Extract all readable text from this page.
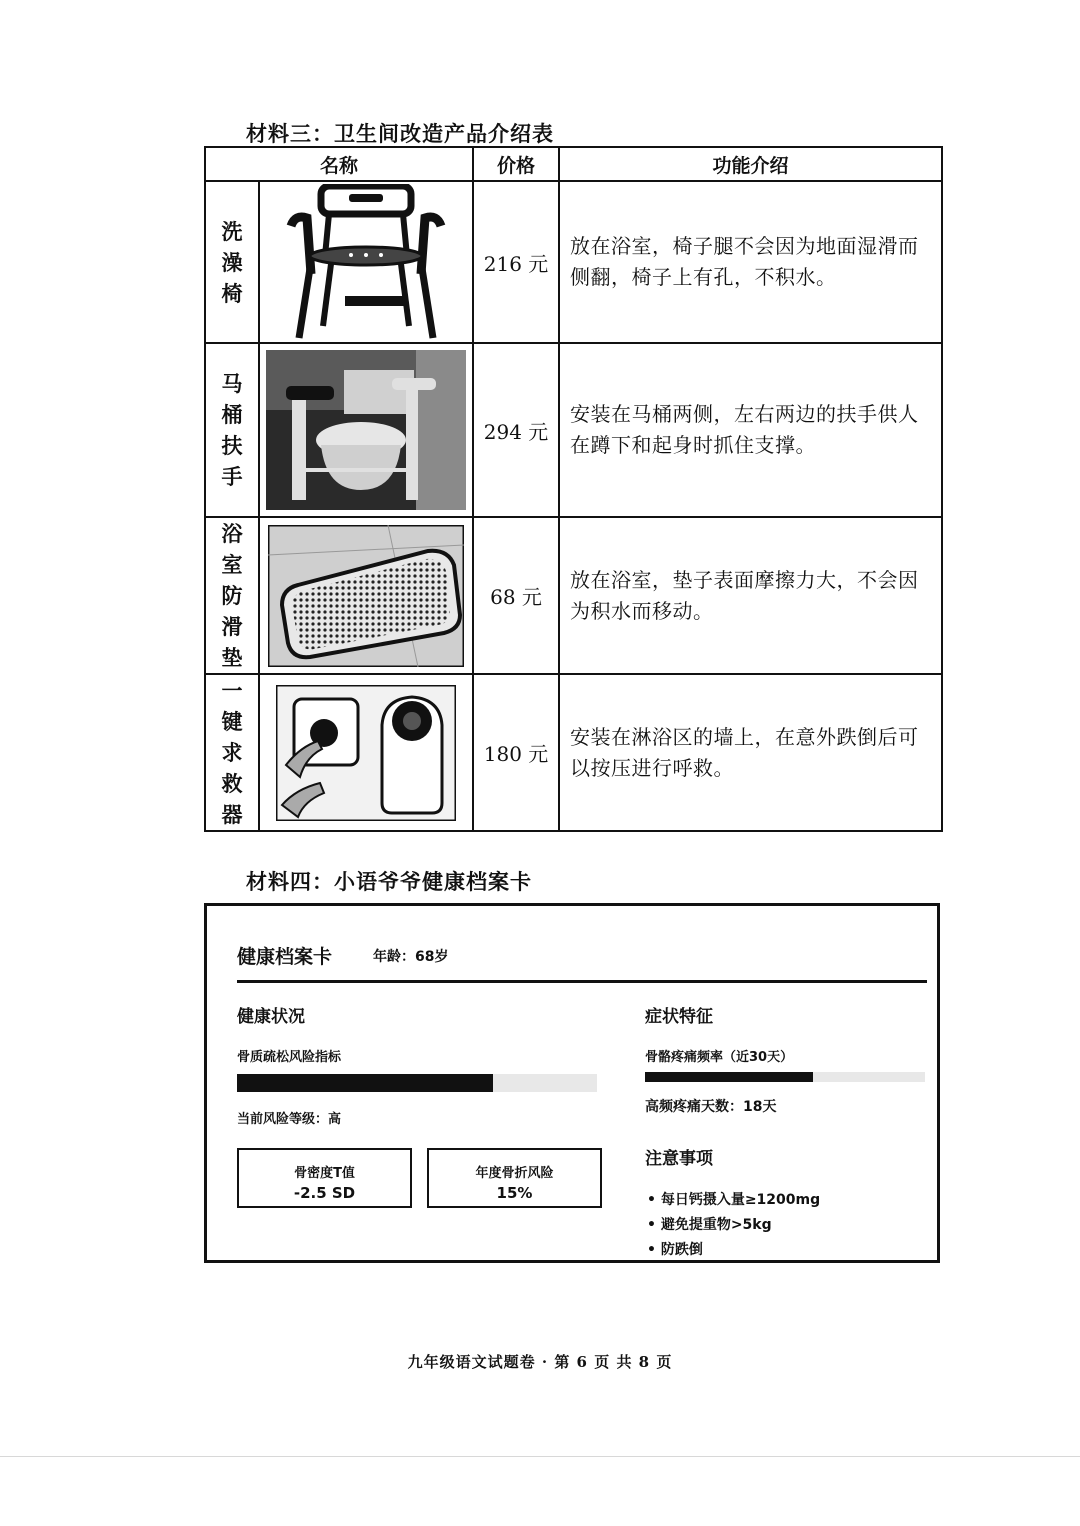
材料三：卫生间改造产品介绍表
名称		价格	功能介绍

洗
澡
椅		216 元	放在浴室，椅子腿不会因为地面湿滑而侧翻，椅子上有孔，不积水。

马
桶
扶
手		294 元	安装在马桶两侧，左右两边的扶手供人在蹲下和起身时抓住支撑。

浴
室
防
滑
垫		68 元	放在浴室，垫子表面摩擦力大，不会因为积水而移动。

一
键
求
救
器		180 元	安装在淋浴区的墙上，在意外跌倒后可以按压进行呼救。
材料四：小语爷爷健康档案卡
健康档案卡	年龄：68岁
健康状况
骨质疏松风险指标
当前风险等级：高
骨密度T值
-2.5 SD
年度骨折风险
15%
症状特征
骨骼疼痛频率（近30天）
高频疼痛天数：18天
注意事项
• 每日钙摄入量≥1200mg
• 避免提重物>5kg
• 防跌倒
九年级语文试题卷 · 第 6 页 共 8 页
